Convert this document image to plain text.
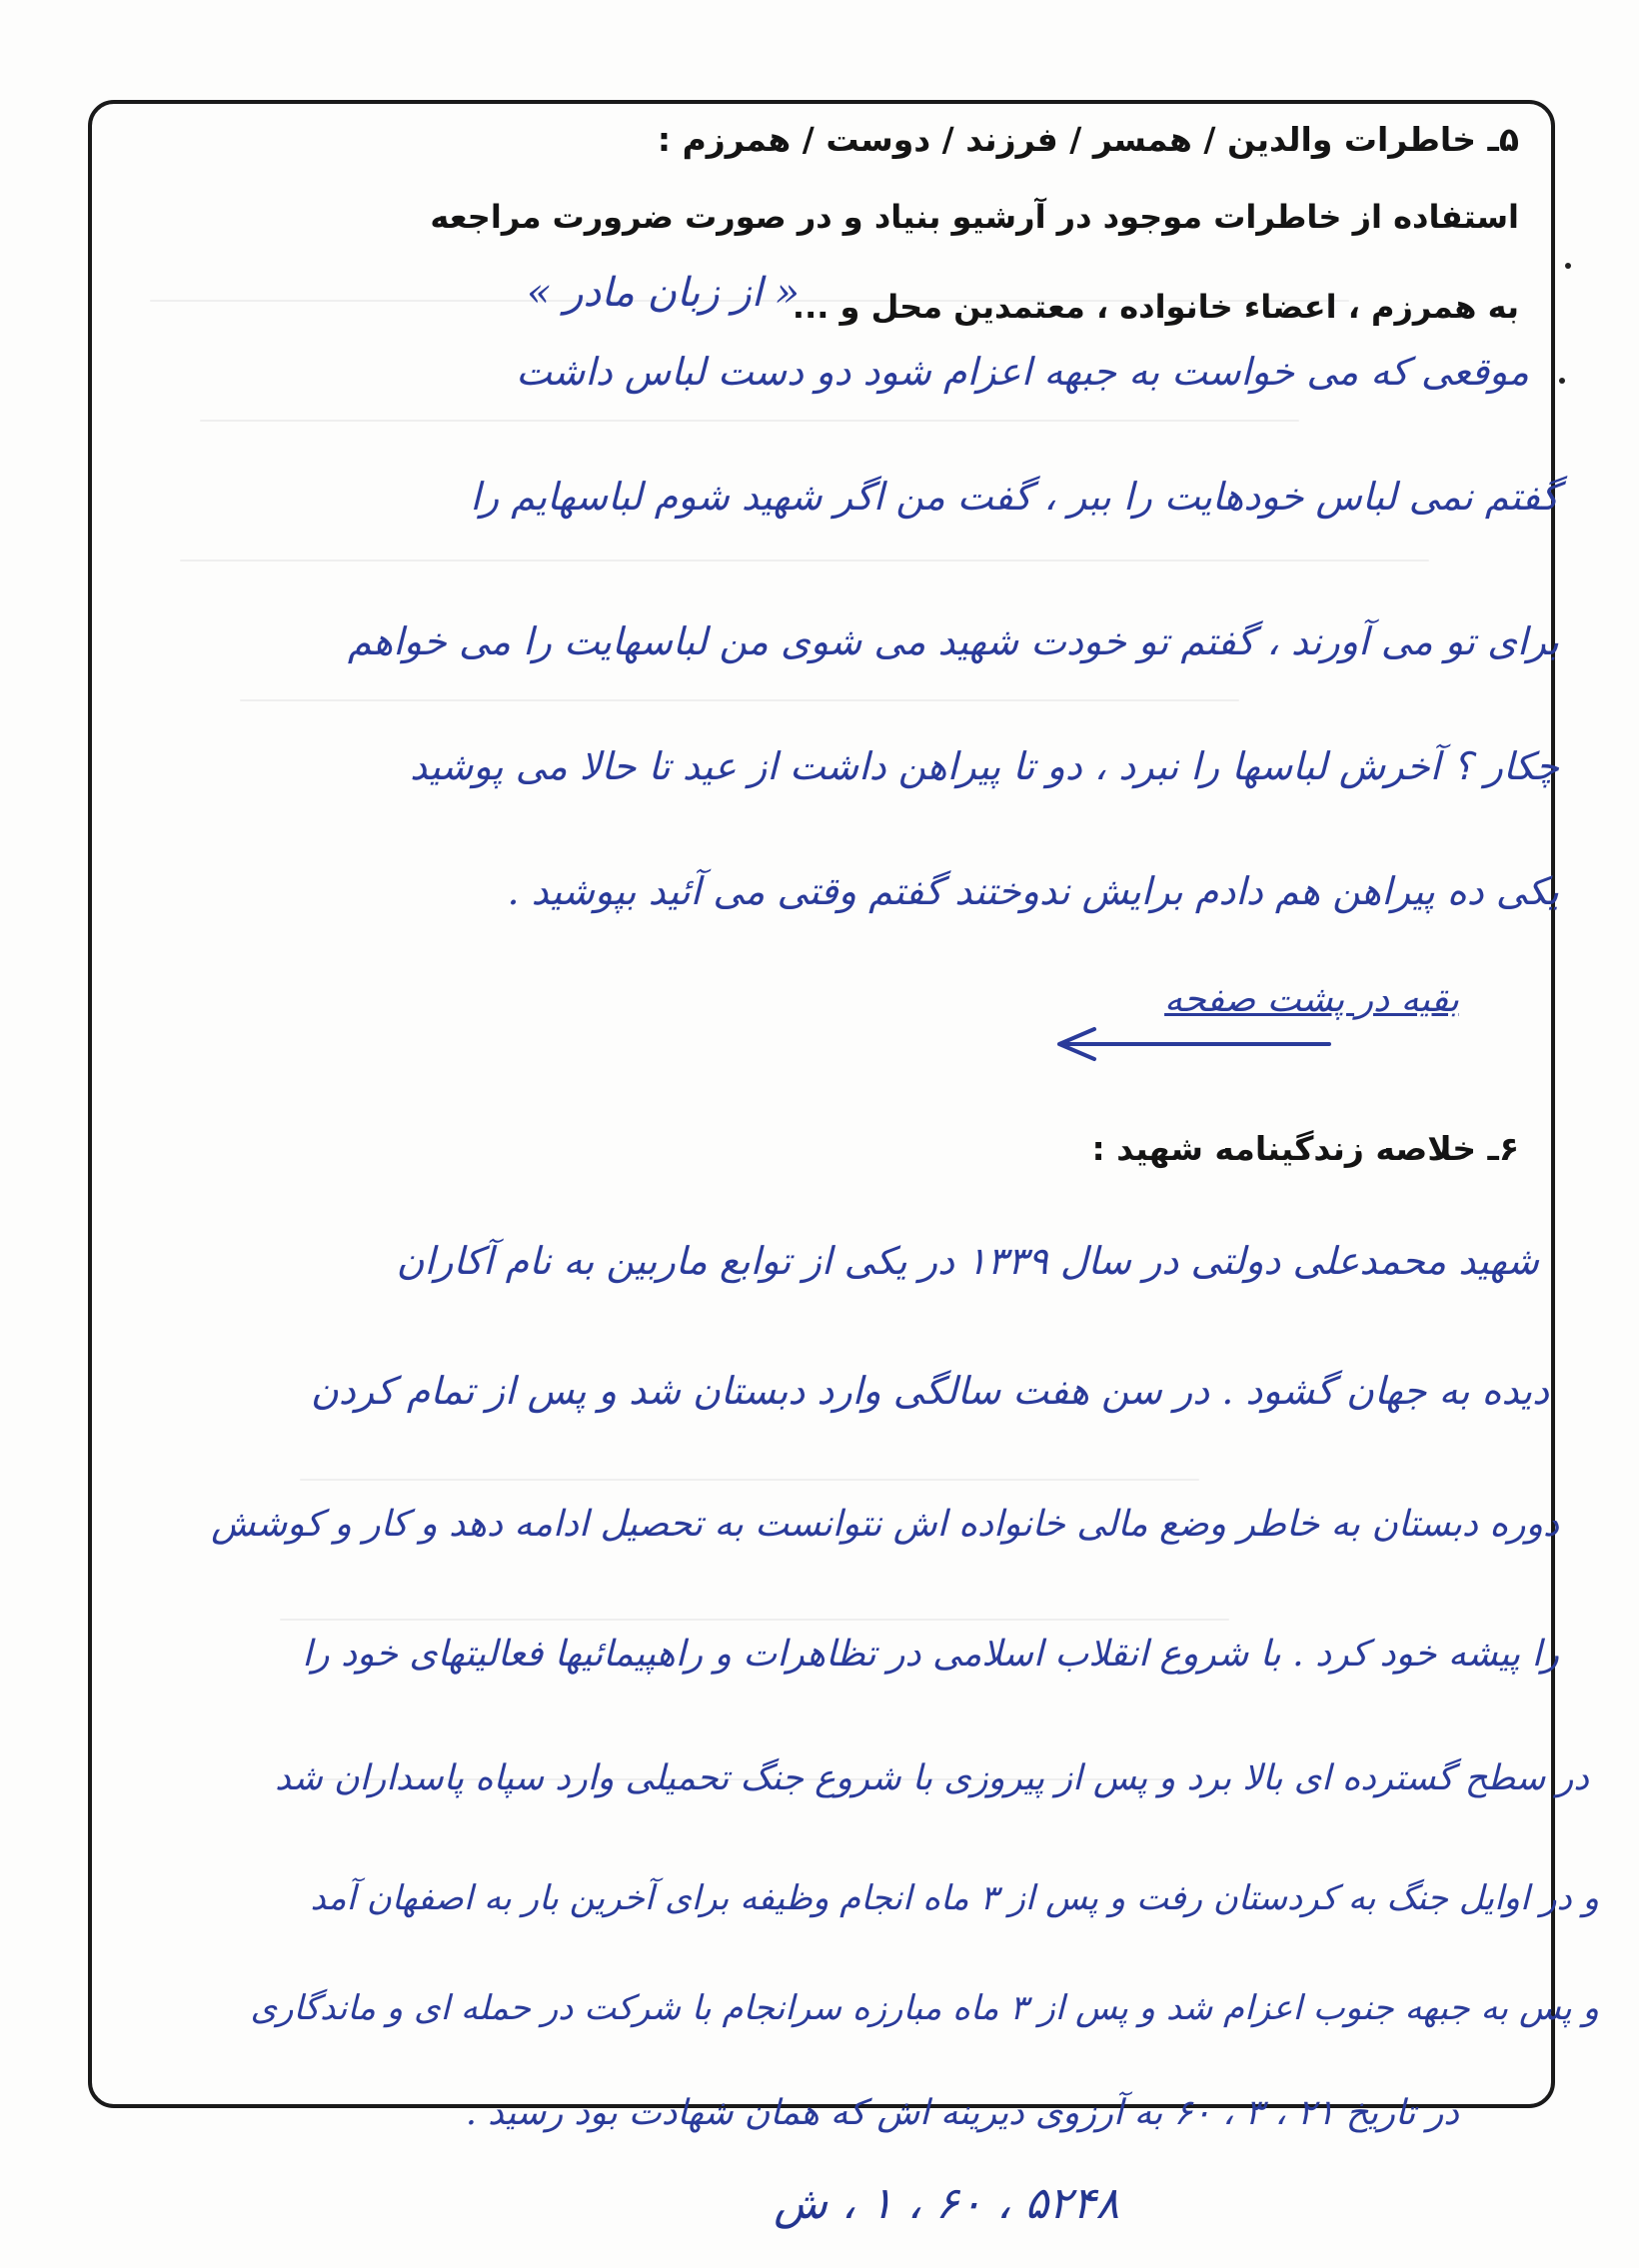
۵ـ خاطرات والدین / همسر / فرزند / دوست / همرزم :
استفاده از خاطرات موجود در آرشیو بنیاد و در صورت ضرورت مراجعه
به همرزم ، اعضاء خانواده ، معتمدین محل و ...
« از زبان مادر »
موقعی که می خواست به جبهه اعزام شود دو دست لباس داشت
گفتم نمی لباس خودهایت را ببر ، گفت من اگر شهید شوم لباسهایم را
برای تو می آورند ، گفتم تو خودت شهید می شوی من لباسهایت را می خواهم
چکار ؟ آخرش لباسها را نبرد ، دو تا پیراهن داشت از عید تا حالا می پوشید
یکی ده پیراهن هم دادم برایش ندوختند گفتم وقتی می آئید بپوشید .
بقیه در پشت صفحه
۶ـ خلاصه زندگینامه شهید :
شهید محمدعلی دولتی در سال ۱۳۳۹ در یکی از توابع ماربین به نام آکاران
دیده به جهان گشود . در سن هفت سالگی وارد دبستان شد و پس از تمام کردن
دوره دبستان به خاطر وضع مالی خانواده اش نتوانست به تحصیل ادامه دهد و کار و کوشش
را پیشه خود کرد . با شروع انقلاب اسلامی در تظاهرات و راهپیمائیها فعالیتهای خود را
در سطح گسترده ای بالا برد و پس از پیروزی با شروع جنگ تحمیلی وارد سپاه پاسداران شد
و در اوایل جنگ به کردستان رفت و پس از ۳ ماه انجام وظیفه برای آخرین بار به اصفهان آمد
و پس به جبهه جنوب اعزام شد و پس از ۳ ماه مبارزه سرانجام با شرکت در حمله ای و ماندگاری
در تاریخ ۲۱ ، ۳ ، ۶۰ به آرزوی دیرینه اش که همان شهادت بود رسید .
۵۲۴۸ ، ۶۰ ، ۱ ، ش
